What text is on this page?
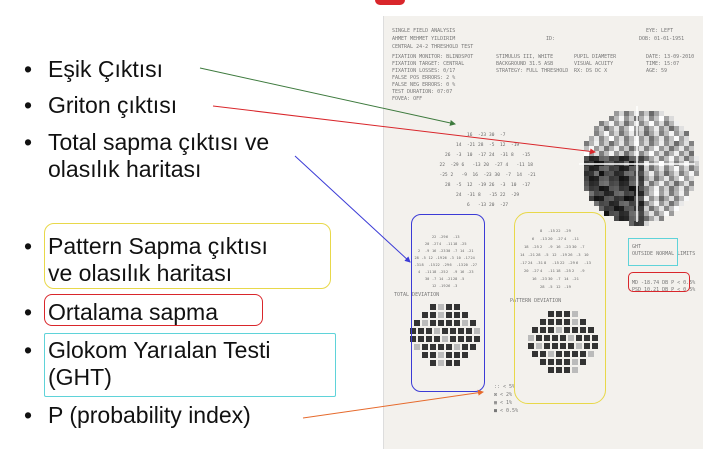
• Eşik Çıktısı
• Griton çıktısı
• Total sapma çıktısı ve
olasılık haritası
• Pattern Sapma çıktısı
ve olasılık haritası
• Ortalama sapma
• Glokom Yarıalan Testi
(GHT)
• P (probability index)
SINGLE FIELD ANALYSIS	EYE: LEFT
AHMET MEHMET YILDIRIM	ID:	DOB: 01-01-1951
CENTRAL 24-2 THRESHOLD TEST
FIXATION MONITOR: BLINDSPOT
FIXATION TARGET: CENTRAL
FIXATION LOSSES: 0/17
FALSE POS ERRORS: 2 %
FALSE NEG ERRORS: 0 %
TEST DURATION: 07:07
FOVEA: OFF
STIMULUS III, WHITE
BACKGROUND 31.5 ASB
STRATEGY: FULL THRESHOLD
PUPIL DIAMETER
VISUAL ACUITY
RX: DS DC X
DATE: 13-09-2010
TIME: 15:07
AGE: 59
TOTAL DEVIATION
PATTERN DEVIATION
GHT
OUTSIDE NORMAL LIMITS
MD -18.74 DB P < 0.5%
PSD 10.21 DB P < 0.5%
:: < 5%
⊠ < 2%
▦ < 1%
■ < 0.5%
16 -23 30 -7
14 -21 28 -5 12 -19
26 -3 10 -17 24 -31 8 -15
22 -29 6 -13 20 -27 4 -11 18
-25 2 -9 16 -23 30 -7 14 -21
28 -5 12 -19 26 -3 10 -17
24 -31 8 -15 22 -29
6 -13 20 -27
22 -29 6 -13
20 -27 4 -11 18 -25
2 -9 16 -23 30 -7 14 -21
28 -5 12 -19 26 -3 10 -17 24
-31 8 -15 22 -29 6 -13 20 -27
4 -11 18 -25 2 -9 16 -23
30 -7 14 -21 28 -5
12 -19 26 -3
8 -15 22 -29
6 -13 20 -27 4 -11
18 -25 2 -9 16 -23 30 -7
14 -21 28 -5 12 -19 26 -3 10
-17 24 -31 8 -15 22 -29 6 -13
20 -27 4 -11 18 -25 2 -9
16 -23 30 -7 14 -21
28 -5 12 -19
